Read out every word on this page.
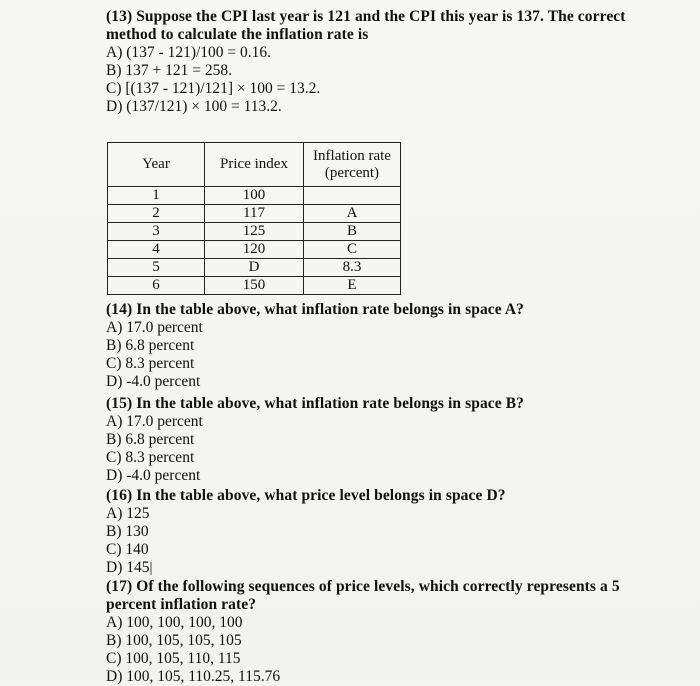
(13) Suppose the CPI last year is 121 and the CPI this year is 137. The correct
method to calculate the inflation rate is
A ) (137 - 121)/100 = 0.16.
B ) 137 + 121 = 258.
C ) [(137 - 121)/121] × 100 = 13.2.
D ) (137/121) × 100 = 113.2.
Year	Price index	Inflation rate
(percent)

1	100	
2	117	A
3	125	B
4	120	C
5	D	8.3
6	150	E
(14) In the table above, what inflation rate belongs in space A?
A ) 17.0 percent
B ) 6.8 percent
C ) 8.3 percent
D ) -4.0 percent
(15) In the table above, what inflation rate belongs in space B?
A ) 17.0 percent
B ) 6.8 percent
C ) 8.3 percent
D ) -4.0 percent
(16) In the table above, what price level belongs in space D?
A ) 125
B ) 130
C ) 140
D ) 145|
(17) Of the following sequences of price levels, which correctly represents a 5
percent inflation rate?
A ) 100, 100, 100, 100
B ) 100, 105, 105, 105
C ) 100, 105, 110, 115
D ) 100, 105, 110.25, 115.76
